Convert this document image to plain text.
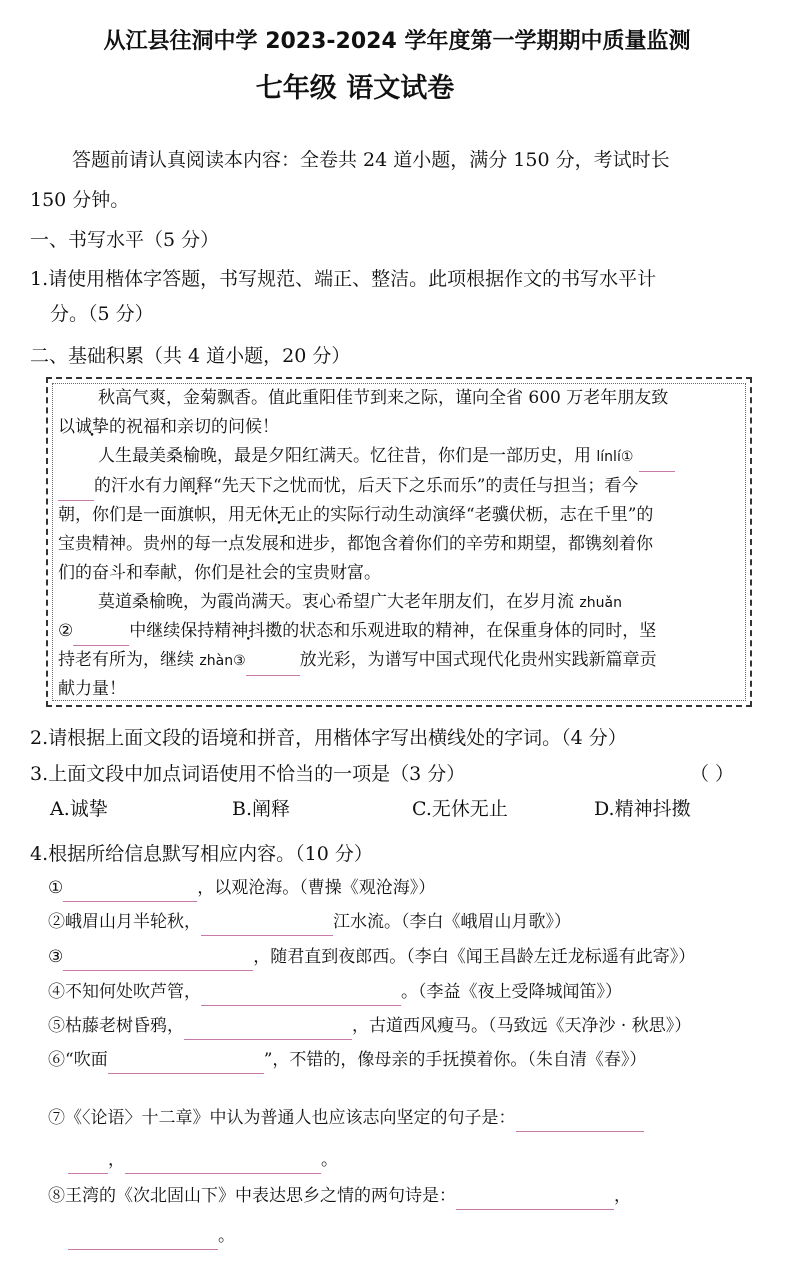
从江县往洞中学 2023-2024 学年度第一学期期中质量监测
七年级 语文试卷
答题前请认真阅读本内容：全卷共 24 道小题，满分 150 分，考试时长
150 分钟。
一、书写水平（5 分）
1.请使用楷体字答题，书写规范、端正、整洁。此项根据作文的书写水平计
分。（5 分）
二、基础积累（共 4 道小题，20 分）
秋高气爽，金菊飘香。值此重阳佳节到来之际，谨向全省 600 万老年朋友致
以诚挚的祝福和亲切的问候！
人生最美桑榆晚，最是夕阳红满天。忆往昔，你们是一部历史，用 línlí①
的汗水有力阐释“先天下之忧而忧，后天下之乐而乐”的责任与担当；看今
朝，你们是一面旗帜，用无休无止的实际行动生动演绎“老骥伏枥，志在千里”的
宝贵精神。贵州的每一点发展和进步，都饱含着你们的辛劳和期望，都镌刻着你
们的奋斗和奉献，你们是社会的宝贵财富。
莫道桑榆晚，为霞尚满天。衷心希望广大老年朋友们，在岁月流 zhuǎn
②	中继续保持精神抖擞的状态和乐观进取的精神，在保重身体的同时，坚
持老有所为，继续 zhàn③	放光彩，为谱写中国式现代化贵州实践新篇章贡
献力量！
2.请根据上面文段的语境和拼音，用楷体字写出横线处的字词。（4 分）
3.上面文段中加点词语使用不恰当的一项是（3 分）	（ ）
A.诚挚	B.阐释	C.无休无止	D.精神抖擞
4.根据所给信息默写相应内容。（10 分）
①	，以观沧海。（曹操《观沧海》）
②峨眉山月半轮秋，	江水流。（李白《峨眉山月歌》）
③	，随君直到夜郎西。（李白《闻王昌龄左迁龙标遥有此寄》）
④不知何处吹芦管，	。（李益《夜上受降城闻笛》）
⑤枯藤老树昏鸦，	，古道西风瘦马。（马致远《天净沙 · 秋思》）
⑥“吹面	”，不错的，像母亲的手抚摸着你。（朱自清《春》）
⑦《〈论语〉十二章》中认为普通人也应该志向坚定的句子是：
，	。
⑧王湾的《次北固山下》中表达思乡之情的两句诗是：	，
。
